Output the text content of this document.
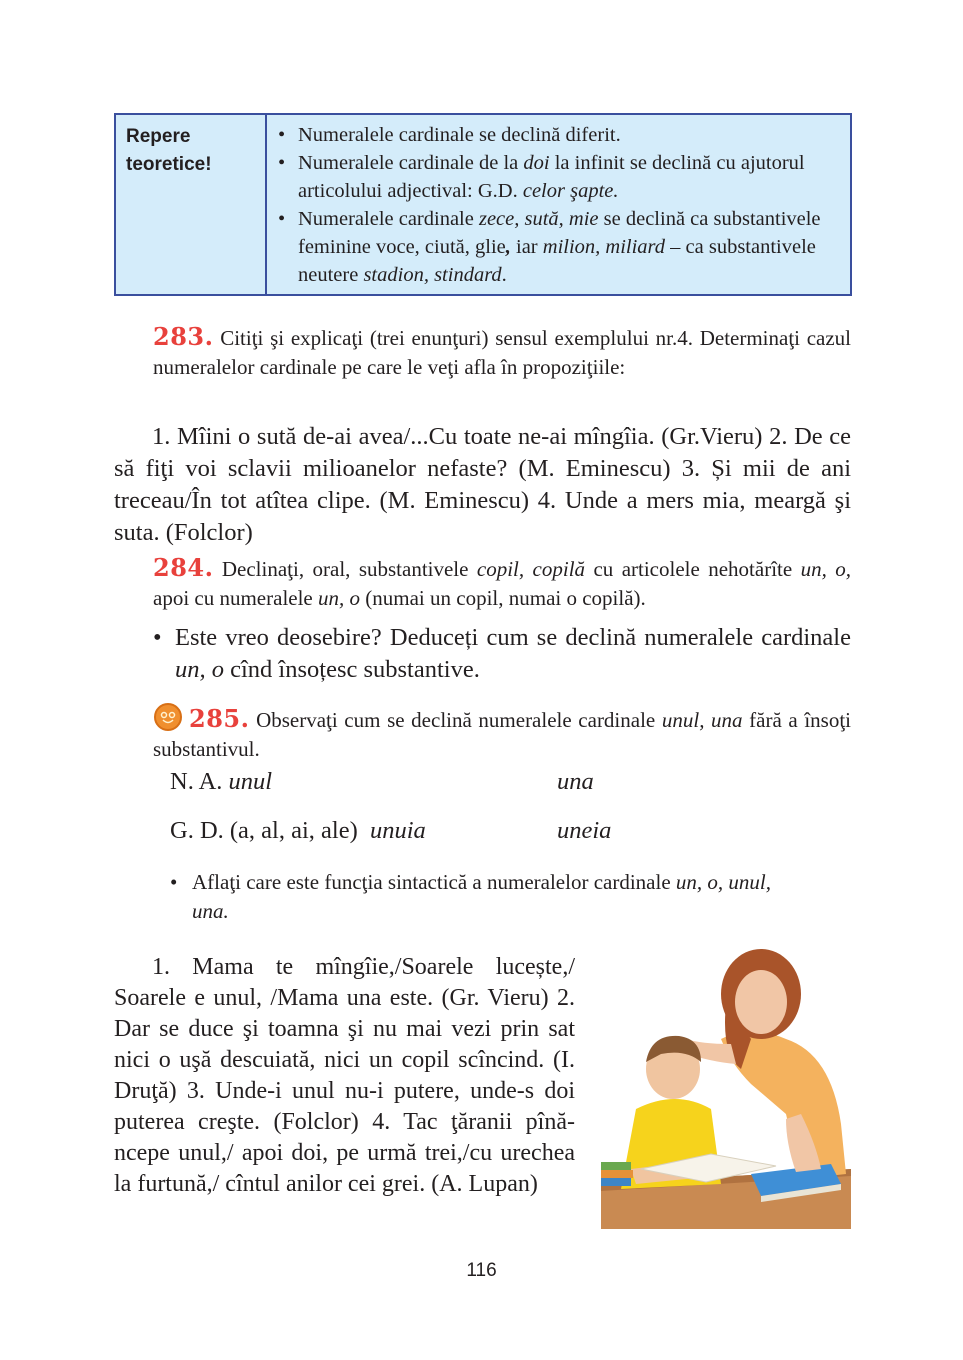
Repere
teoretice!
• Numeralele cardinale se declină diferit.
• Numeralele cardinale de la doi la infinit se declină cu ajutorul articolului adjectival: G.D. celor şapte.
• Numeralele cardinale zece, sută, mie se declină ca substantivele feminine voce, ciută, glie, iar milion, miliard – ca substantivele neutere stadion, stindard.
283. Citiţi şi explicaţi (trei enunţuri) sensul exemplului nr.4. Determinaţi cazul numeralelor cardinale pe care le veţi afla în propoziţiile:
1. Mîini o sută de-ai avea/...Cu toate ne-ai mîngîia. (Gr.Vieru) 2. De ce să fiţi voi sclavii milioanelor nefaste? (M. Eminescu) 3. Și mii de ani treceau/În tot atîtea clipe. (M. Eminescu) 4. Unde a mers mia, meargă şi suta. (Folclor)
284. Declinaţi, oral, substantivele copil, copilă cu articolele nehotărîte un, o, apoi cu numeralele un, o (numai un copil, numai o copilă).
• Este vreo deosebire? Deduceți cum se declină numeralele cardinale un, o cînd însoțesc substantive.
285. Observaţi cum se declină numeralele cardinale unul, una fără a însoţi substantivul.
N. A. unul	una
G. D. (a, al, ai, ale)  unuia	uneia
• Aflaţi care este funcţia sintactică a numeralelor cardinale un, o, unul, una.
1. Mama te mîngîie,/Soarele lucește,/ Soarele e unul, /Mama una este. (Gr. Vieru) 2. Dar se duce şi toamna şi nu mai vezi prin sat nici o uşă descuiată, nici un copil scîncind. (I. Druţă) 3. Unde-i unul nu-i putere, unde-s doi puterea creşte. (Folclor) 4. Tac ţăranii pînă-ncepe unul,/ apoi doi, pe urmă trei,/cu urechea la furtună,/ cîntul anilor cei grei. (A. Lupan)
116
